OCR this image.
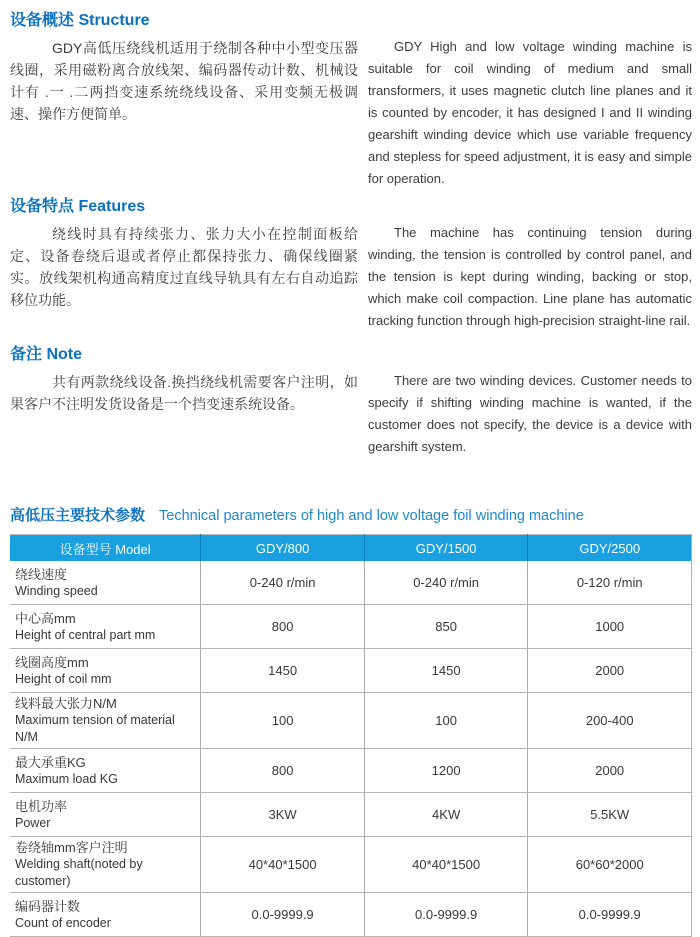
设备概述 Structure

GDY高低压绕线机适用于绕制各种中小型变压器线圈，采用磁粉离合放线架、编码器传动计数、机械设计有 .一 .二两挡变速系统绕线设备、采用变频无极调速、操作方便简单。

GDY High and low voltage winding machine is suitable for coil winding of medium and small transformers, it uses magnetic clutch line planes and it is counted by encoder, it has designed I and II winding gearshift winding device which use variable frequency and stepless for speed adjustment, it is easy and simple for operation.

设备特点 Features

绕线时具有持续张力、张力大小在控制面板给定、设备卷绕后退或者停止都保持张力、确保线圈紧实。放线架机构通高精度过直线导轨具有左右自动追踪移位功能。

The machine has continuing tension during winding, the tension is controlled by control panel, and the tension is kept during winding, backing or stop, which make coil compaction. Line plane has automatic tracking function through high-precision straight-line rail.

备注 Note

共有两款绕线设备.换挡绕线机需要客户注明，如果客户不注明发货设备是一个挡变速系统设备。

There are two winding devices. Customer needs to specify if shifting winding machine is wanted, if the customer does not specify, the device is a device with gearshift system.

高低压主要技术参数 Technical parameters of high and low voltage foil winding machine
设备型号 Model	GDY/800	GDY/1500	GDY/2500

绕线速度
Winding speed	0-240 r/min	0-240 r/min	0-120 r/min

中心高mm
Height of central part mm	800	850	1000

线圈高度mm
Height of coil mm	1450	1450	2000

线料最大张力N/M
Maximum tension of material N/M	100	100	200-400

最大承重KG
Maximum load KG	800	1200	2000

电机功率
Power	3KW	4KW	5.5KW

卷绕轴mm客户注明
Welding shaft(noted by customer)	40*40*1500	40*40*1500	60*60*2000

编码器计数
Count of encoder	0.0-9999.9	0.0-9999.9	0.0-9999.9
